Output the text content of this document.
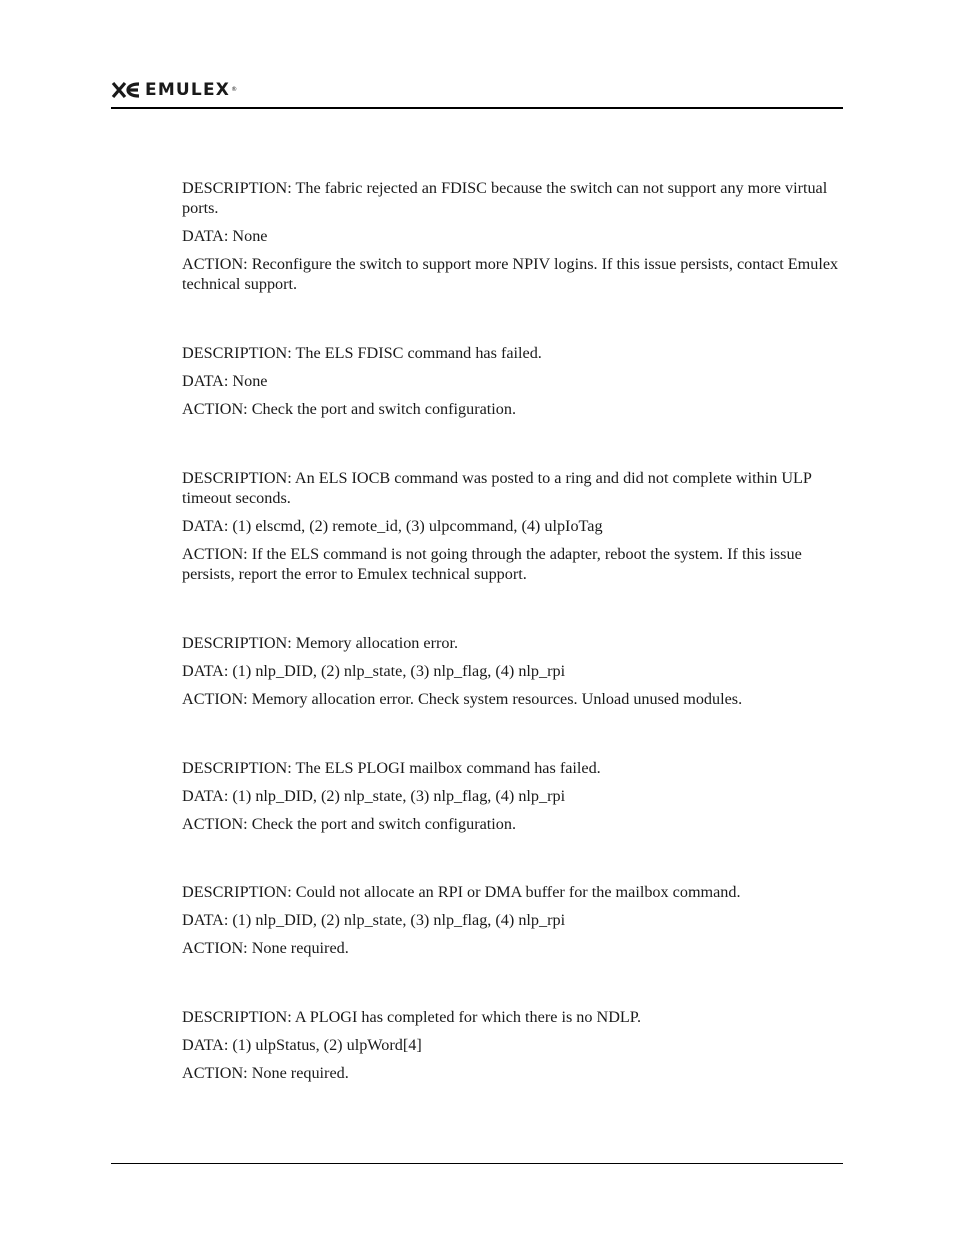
EMULEX ®

DESCRIPTION: The fabric rejected an FDISC because the switch can not support any more virtual ports.

DATA: None

ACTION: Reconfigure the switch to support more NPIV logins. If this issue persists, contact Emulex technical support.

DESCRIPTION: The ELS FDISC command has failed.

DATA: None

ACTION: Check the port and switch configuration.

DESCRIPTION: An ELS IOCB command was posted to a ring and did not complete within ULP timeout seconds.

DATA: (1) elscmd, (2) remote_id, (3) ulpcommand, (4) ulpIoTag

ACTION: If the ELS command is not going through the adapter, reboot the system. If this issue persists, report the error to Emulex technical support.

DESCRIPTION: Memory allocation error.

DATA: (1) nlp_DID, (2) nlp_state, (3) nlp_flag, (4) nlp_rpi

ACTION: Memory allocation error. Check system resources. Unload unused modules.

DESCRIPTION: The ELS PLOGI mailbox command has failed.

DATA: (1) nlp_DID, (2) nlp_state, (3) nlp_flag, (4) nlp_rpi

ACTION: Check the port and switch configuration.

DESCRIPTION: Could not allocate an RPI or DMA buffer for the mailbox command.

DATA: (1) nlp_DID, (2) nlp_state, (3) nlp_flag, (4) nlp_rpi

ACTION: None required.

DESCRIPTION: A PLOGI has completed for which there is no NDLP.

DATA: (1) ulpStatus, (2) ulpWord[4]

ACTION: None required.
